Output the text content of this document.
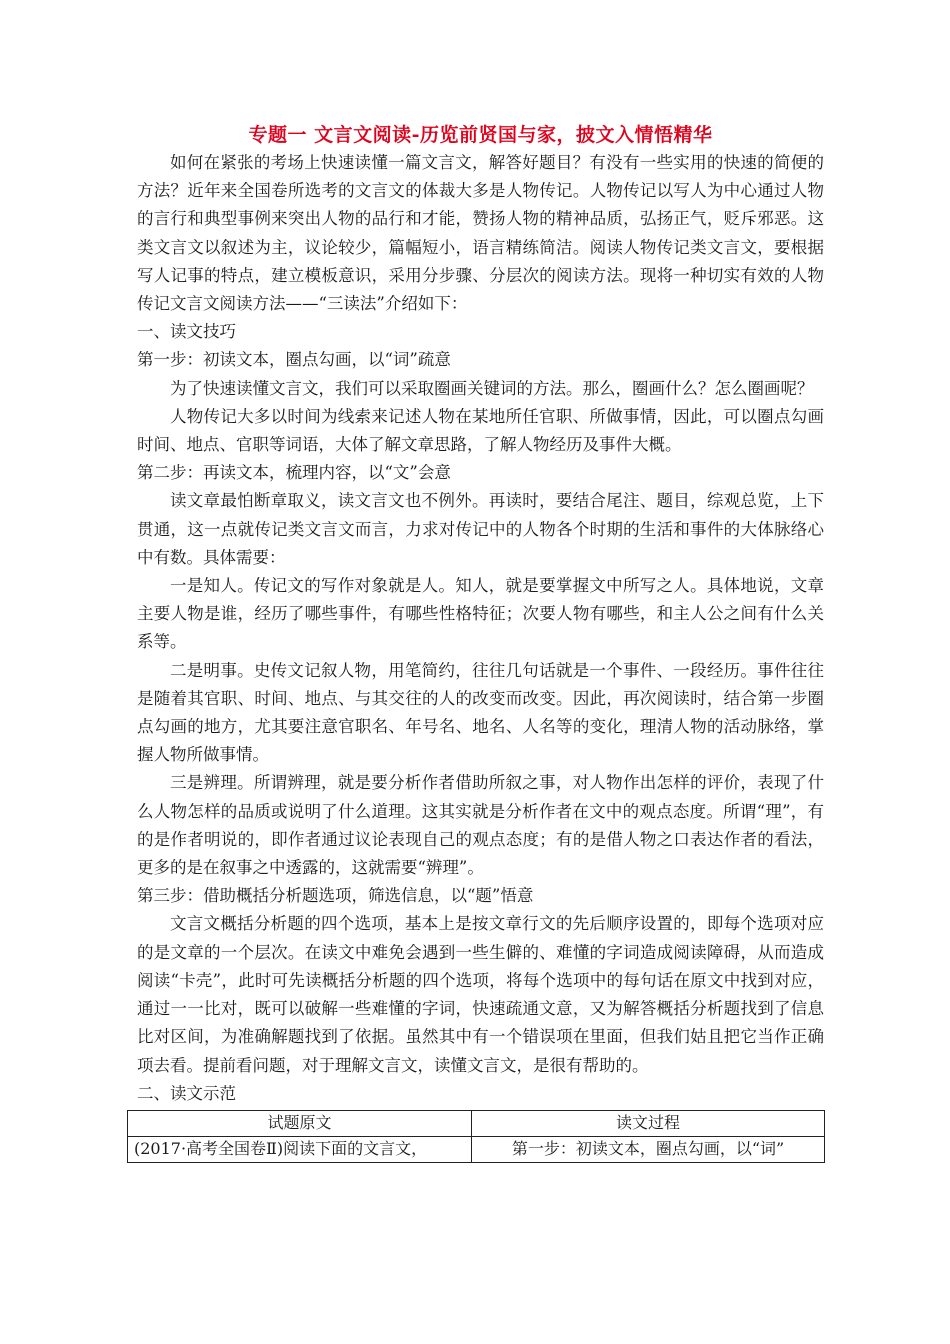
专题一 文言文阅读-历览前贤国与家，披文入情悟精华

如何在紧张的考场上快速读懂一篇文言文，解答好题目？有没有一些实用的快速的简便的方法？近年来全国卷所选考的文言文的体裁大多是人物传记。人物传记以写人为中心通过人物的言行和典型事例来突出人物的品行和才能，赞扬人物的精神品质，弘扬正气，贬斥邪恶。这类文言文以叙述为主，议论较少，篇幅短小，语言精练简洁。阅读人物传记类文言文，要根据写人记事的特点，建立模板意识，采用分步骤、分层次的阅读方法。现将一种切实有效的人物传记文言文阅读方法——“三读法”介绍如下：

一、读文技巧

第一步：初读文本，圈点勾画，以“词”疏意

为了快速读懂文言文，我们可以采取圈画关键词的方法。那么，圈画什么？怎么圈画呢？

人物传记大多以时间为线索来记述人物在某地所任官职、所做事情，因此，可以圈点勾画时间、地点、官职等词语，大体了解文章思路，了解人物经历及事件大概。

第二步：再读文本，梳理内容，以“文”会意

读文章最怕断章取义，读文言文也不例外。再读时，要结合尾注、题目，综观总览，上下贯通，这一点就传记类文言文而言，力求对传记中的人物各个时期的生活和事件的大体脉络心中有数。具体需要：

一是知人。传记文的写作对象就是人。知人，就是要掌握文中所写之人。具体地说，文章主要人物是谁，经历了哪些事件，有哪些性格特征；次要人物有哪些，和主人公之间有什么关系等。

二是明事。史传文记叙人物，用笔简约，往往几句话就是一个事件、一段经历。事件往往是随着其官职、时间、地点、与其交往的人的改变而改变。因此，再次阅读时，结合第一步圈点勾画的地方，尤其要注意官职名、年号名、地名、人名等的变化，理清人物的活动脉络，掌握人物所做事情。

三是辨理。所谓辨理，就是要分析作者借助所叙之事，对人物作出怎样的评价，表现了什么人物怎样的品质或说明了什么道理。这其实就是分析作者在文中的观点态度。所谓“理”，有的是作者明说的，即作者通过议论表现自己的观点态度；有的是借人物之口表达作者的看法，更多的是在叙事之中透露的，这就需要“辨理”。

第三步：借助概括分析题选项，筛选信息，以“题”悟意

文言文概括分析题的四个选项，基本上是按文章行文的先后顺序设置的，即每个选项对应的是文章的一个层次。在读文中难免会遇到一些生僻的、难懂的字词造成阅读障碍，从而造成阅读“卡壳”，此时可先读概括分析题的四个选项，将每个选项中的每句话在原文中找到对应，通过一一比对，既可以破解一些难懂的字词，快速疏通文意，又为解答概括分析题找到了信息比对区间，为准确解题找到了依据。虽然其中有一个错误项在里面，但我们姑且把它当作正确项去看。提前看问题，对于理解文言文，读懂文言文，是很有帮助的。

二、读文示范

试题原文	读文过程
(2017·高考全国卷Ⅱ)阅读下面的文言文，	第一步：初读文本，圈点勾画，以“词”
